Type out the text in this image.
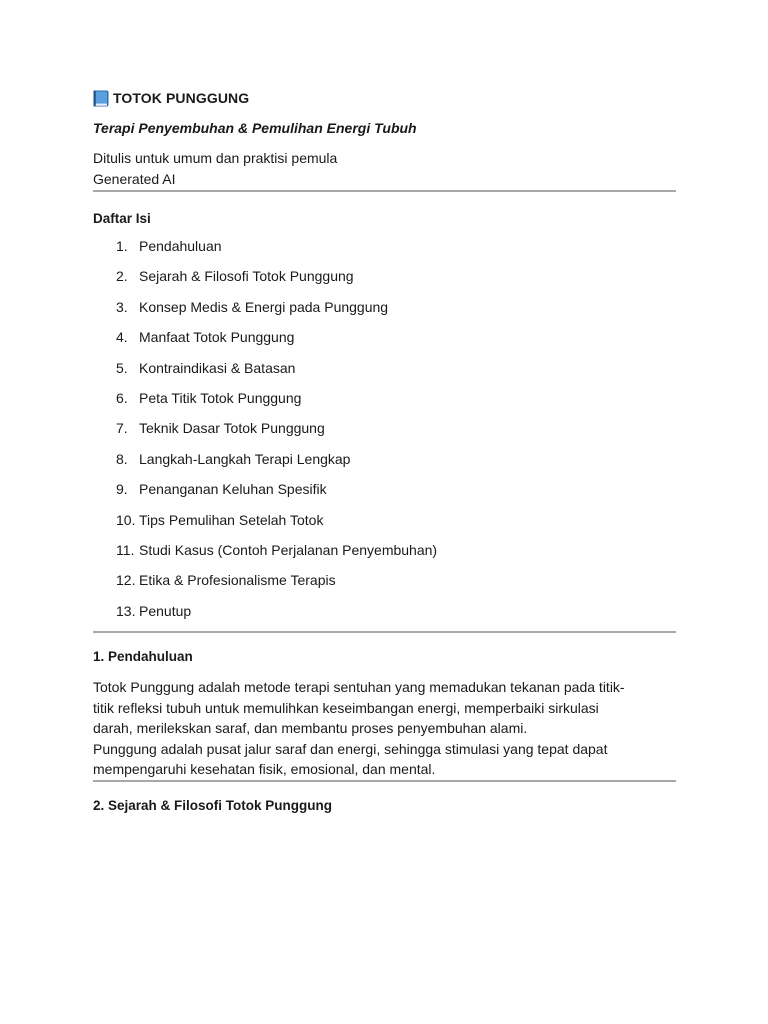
TOTOK PUNGGUNG
Terapi Penyembuhan & Pemulihan Energi Tubuh
Ditulis untuk umum dan praktisi pemula
Generated AI
Daftar Isi
1. Pendahuluan
2. Sejarah & Filosofi Totok Punggung
3. Konsep Medis & Energi pada Punggung
4. Manfaat Totok Punggung
5. Kontraindikasi & Batasan
6. Peta Titik Totok Punggung
7. Teknik Dasar Totok Punggung
8. Langkah-Langkah Terapi Lengkap
9. Penanganan Keluhan Spesifik
10. Tips Pemulihan Setelah Totok
11. Studi Kasus (Contoh Perjalanan Penyembuhan)
12. Etika & Profesionalisme Terapis
13. Penutup
1. Pendahuluan
Totok Punggung adalah metode terapi sentuhan yang memadukan tekanan pada titik-
titik refleksi tubuh untuk memulihkan keseimbangan energi, memperbaiki sirkulasi
darah, merilekskan saraf, dan membantu proses penyembuhan alami.
Punggung adalah pusat jalur saraf dan energi, sehingga stimulasi yang tepat dapat
mempengaruhi kesehatan fisik, emosional, dan mental.
2. Sejarah & Filosofi Totok Punggung
